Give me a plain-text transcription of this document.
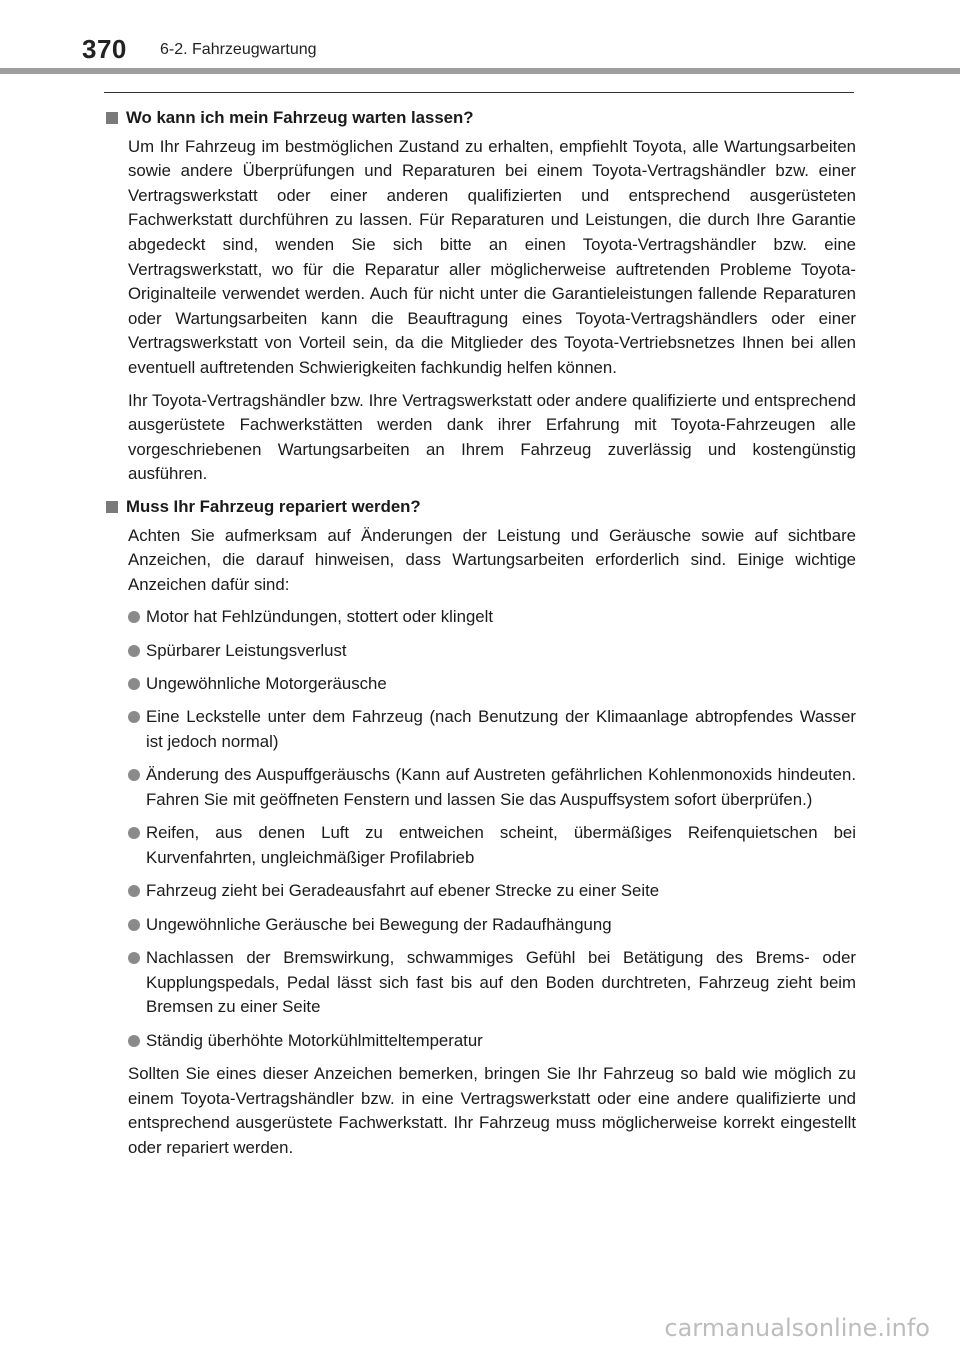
370 6-2. Fahrzeugwartung
Wo kann ich mein Fahrzeug warten lassen?

Um Ihr Fahrzeug im bestmöglichen Zustand zu erhalten, empfiehlt Toyota, alle Wartungsarbeiten sowie andere Überprüfungen und Reparaturen bei einem Toyota-Vertragshändler bzw. einer Vertragswerkstatt oder einer anderen qualifizierten und entsprechend ausgerüsteten Fachwerkstatt durchführen zu lassen. Für Reparaturen und Leistungen, die durch Ihre Garantie abgedeckt sind, wenden Sie sich bitte an einen Toyota-Vertragshändler bzw. eine Vertragswerkstatt, wo für die Reparatur aller möglicherweise auftretenden Probleme Toyota-Originalteile verwendet werden. Auch für nicht unter die Garantieleistungen fallende Reparaturen oder Wartungsarbeiten kann die Beauftragung eines Toyota-Vertragshändlers oder einer Vertragswerkstatt von Vorteil sein, da die Mitglieder des Toyota-Vertriebsnetzes Ihnen bei allen eventuell auftretenden Schwierigkeiten fachkundig helfen können.

Ihr Toyota-Vertragshändler bzw. Ihre Vertragswerkstatt oder andere qualifizierte und entsprechend ausgerüstete Fachwerkstätten werden dank ihrer Erfahrung mit Toyota-Fahrzeugen alle vorgeschriebenen Wartungsarbeiten an Ihrem Fahrzeug zuverlässig und kostengünstig ausführen.

Muss Ihr Fahrzeug repariert werden?

Achten Sie aufmerksam auf Änderungen der Leistung und Geräusche sowie auf sichtbare Anzeichen, die darauf hinweisen, dass Wartungsarbeiten erforderlich sind. Einige wichtige Anzeichen dafür sind:

Motor hat Fehlzündungen, stottert oder klingelt
Spürbarer Leistungsverlust
Ungewöhnliche Motorgeräusche
Eine Leckstelle unter dem Fahrzeug (nach Benutzung der Klimaanlage abtropfendes Wasser ist jedoch normal)
Änderung des Auspuffgeräuschs (Kann auf Austreten gefährlichen Kohlenmonoxids hindeuten. Fahren Sie mit geöffneten Fenstern und lassen Sie das Auspuffsystem sofort überprüfen.)
Reifen, aus denen Luft zu entweichen scheint, übermäßiges Reifenquietschen bei Kurvenfahrten, ungleichmäßiger Profilabrieb
Fahrzeug zieht bei Geradeausfahrt auf ebener Strecke zu einer Seite
Ungewöhnliche Geräusche bei Bewegung der Radaufhängung
Nachlassen der Bremswirkung, schwammiges Gefühl bei Betätigung des Brems- oder Kupplungspedals, Pedal lässt sich fast bis auf den Boden durchtreten, Fahrzeug zieht beim Bremsen zu einer Seite
Ständig überhöhte Motorkühlmitteltemperatur

Sollten Sie eines dieser Anzeichen bemerken, bringen Sie Ihr Fahrzeug so bald wie möglich zu einem Toyota-Vertragshändler bzw. in eine Vertragswerkstatt oder eine andere qualifizierte und entsprechend ausgerüstete Fachwerkstatt. Ihr Fahrzeug muss möglicherweise korrekt eingestellt oder repariert werden.

carmanualsonline.info
